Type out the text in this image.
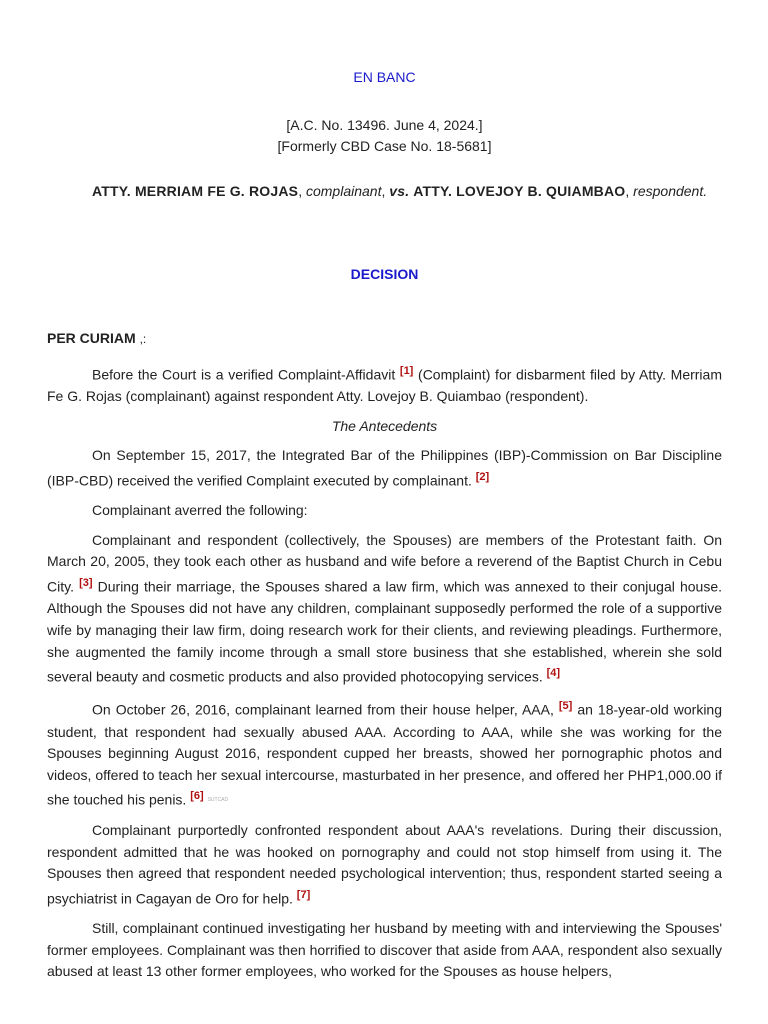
EN BANC
[A.C. No. 13496. June 4, 2024.]
[Formerly CBD Case No. 18-5681]
ATTY. MERRIAM FE G. ROJAS, complainant, vs. ATTY. LOVEJOY B. QUIAMBAO, respondent.
DECISION
PER CURIAM ,:

Before the Court is a verified Complaint-Affidavit [1] (Complaint) for disbarment filed by Atty. Merriam Fe G. Rojas (complainant) against respondent Atty. Lovejoy B. Quiambao (respondent).

The Antecedents

On September 15, 2017, the Integrated Bar of the Philippines (IBP)-Commission on Bar Discipline (IBP-CBD) received the verified Complaint executed by complainant. [2]

Complainant averred the following:

Complainant and respondent (collectively, the Spouses) are members of the Protestant faith. On March 20, 2005, they took each other as husband and wife before a reverend of the Baptist Church in Cebu City. [3] During their marriage, the Spouses shared a law firm, which was annexed to their conjugal house. Although the Spouses did not have any children, complainant supposedly performed the role of a supportive wife by managing their law firm, doing research work for their clients, and reviewing pleadings. Furthermore, she augmented the family income through a small store business that she established, wherein she sold several beauty and cosmetic products and also provided photocopying services. [4]

On October 26, 2016, complainant learned from their house helper, AAA, [5] an 18-year-old working student, that respondent had sexually abused AAA. According to AAA, while she was working for the Spouses beginning August 2016, respondent cupped her breasts, showed her pornographic photos and videos, offered to teach her sexual intercourse, masturbated in her presence, and offered her PHP1,000.00 if she touched his penis. [6] SUTCAD

Complainant purportedly confronted respondent about AAA's revelations. During their discussion, respondent admitted that he was hooked on pornography and could not stop himself from using it. The Spouses then agreed that respondent needed psychological intervention; thus, respondent started seeing a psychiatrist in Cagayan de Oro for help. [7]

Still, complainant continued investigating her husband by meeting with and interviewing the Spouses' former employees. Complainant was then horrified to discover that aside from AAA, respondent also sexually abused at least 13 other former employees, who worked for the Spouses as house helpers,
